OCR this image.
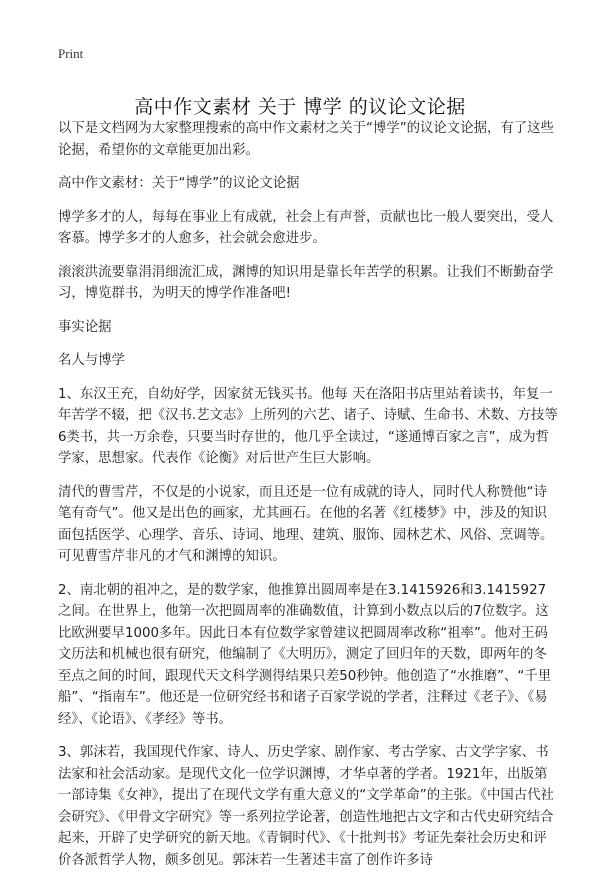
Print
高中作文素材 关于 博学 的议论文论据

以下是文档网为大家整理搜索的高中作文素材之关于“博学”的议论文论据，有了这些论据，希望你的文章能更加出彩。

高中作文素材：关于“博学”的议论文论据

博学多才的人，每每在事业上有成就，社会上有声誉，贡献也比一般人要突出，受人客慕。博学多才的人愈多，社会就会愈进步。

滚滚洪流要靠涓涓细流汇成，渊博的知识用是靠长年苦学的积累。让我们不断勤奋学习，博览群书，为明天的博学作准备吧!

事实论据

名人与博学

1、东汉王充，自幼好学，因家贫无钱买书。他每 天在洛阳书店里站着读书，年复一年苦学不辍，把《汉书.艺文志》上所列的六艺、诸子、诗赋、生命书、术数、方技等6类书，共一万余卷，只要当时存世的，他几乎全读过，“遂通博百家之言”，成为哲学家，思想家。代表作《论衡》对后世产生巨大影响。

清代的曹雪芹，不仅是的小说家，而且还是一位有成就的诗人，同时代人称赞他“诗笔有奇气”。他又是出色的画家，尤其画石。在他的名著《红楼梦》中，涉及的知识面包括医学、心理学、音乐、诗词、地理、建筑、服饰、园林艺术、风俗、烹调等。可见曹雪芹非凡的才气和渊博的知识。

2、南北朝的祖冲之，是的数学家，他推算出圆周率是在3.1415926和3.1415927之间。在世界上，他第一次把圆周率的准确数值，计算到小数点以后的7位数字。这比欧洲要早1000多年。因此日本有位数学家曾建议把圆周率改称“祖率”。他对王码文历法和机械也很有研究，他编制了《大明历》，测定了回归年的天数，即两年的冬至点之间的时间，跟现代天文科学测得结果只差50秒钟。他创造了“水推磨”、“千里船”、“指南车”。他还是一位研究经书和诸子百家学说的学者，注释过《老子》、《易经》、《论语》、《孝经》等书。

3、郭沫若，我国现代作家、诗人、历史学家、剧作家、考古学家、古文学字家、书法家和社会活动家。是现代文化一位学识渊博，才华卓著的学者。1921年，出版第一部诗集《女神》，提出了在现代文学有重大意义的“文学革命”的主张。《中国古代社会研究》、《甲骨文字研究》等一系列拉学论著，创造性地把古文字和古代史研究结合起来，开辟了史学研究的新天地。《青铜时代》、《十批判书》考证先秦社会历史和评价各派哲学人物，颇多创见。郭沫若一生著述丰富了创作许多诗
